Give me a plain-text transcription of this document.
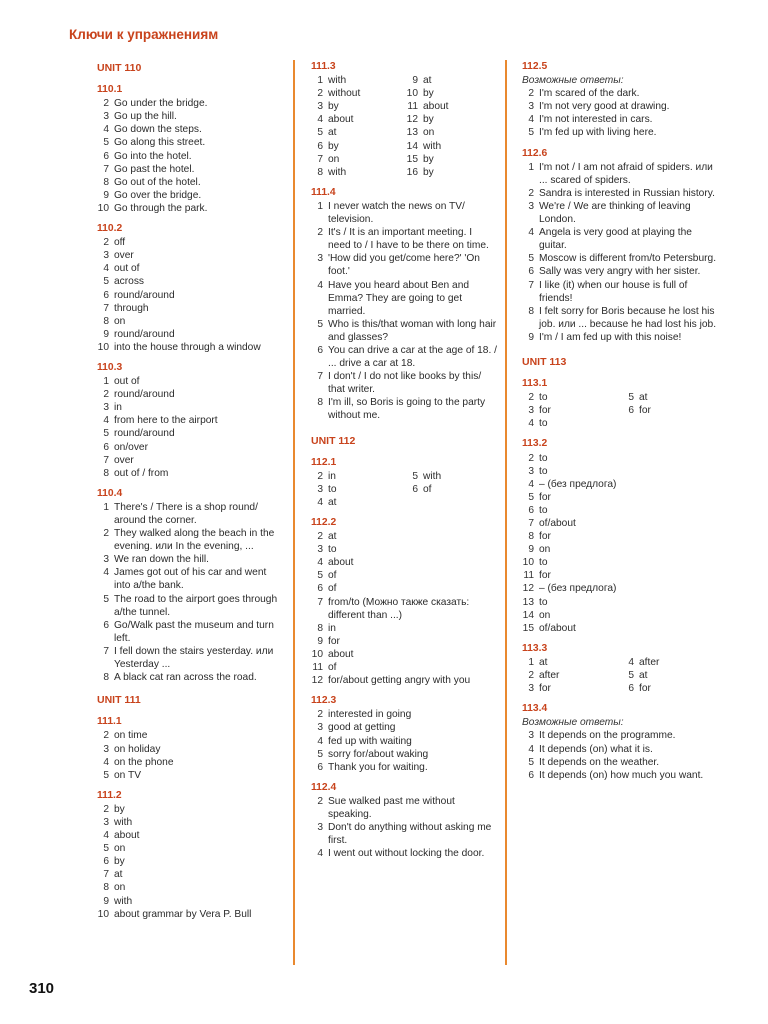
Ключи к упражнениям
UNIT 110
110.1
2 Go under the bridge.
3 Go up the hill.
4 Go down the steps.
5 Go along this street.
6 Go into the hotel.
7 Go past the hotel.
8 Go out of the hotel.
9 Go over the bridge.
10 Go through the park.
110.2
2 off
3 over
4 out of
5 across
6 round/around
7 through
8 on
9 round/around
10 into the house through a window
110.3
1 out of
2 round/around
3 in
4 from here to the airport
5 round/around
6 on/over
7 over
8 out of / from
110.4
1 There's / There is a shop round/ around the corner.
2 They walked along the beach in the evening. или In the evening, ...
3 We ran down the hill.
4 James got out of his car and went into a/the bank.
5 The road to the airport goes through a/the tunnel.
6 Go/Walk past the museum and turn left.
7 I fell down the stairs yesterday. или Yesterday ...
8 A black cat ran across the road.
UNIT 111
111.1
2 on time
3 on holiday
4 on the phone
5 on TV
111.2
2 by
3 with
4 about
5 on
6 by
7 at
8 on
9 with
10 about grammar by Vera P. Bull
111.3
1 with
2 without
3 by
4 about
5 at
6 by
7 on
8 with
9 at
10 by
11 about
12 by
13 on
14 with
15 by
16 by
111.4
1 I never watch the news on TV/ television.
2 It's / It is an important meeting. I need to / I have to be there on time.
3 'How did you get/come here?' 'On foot.'
4 Have you heard about Ben and Emma? They are going to get married.
5 Who is this/that woman with long hair and glasses?
6 You can drive a car at the age of 18. / ... drive a car at 18.
7 I don't / I do not like books by this/ that writer.
8 I'm ill, so Boris is going to the party without me.
UNIT 112
112.1
2 in
3 to
4 at
5 with
6 of
112.2
2 at
3 to
4 about
5 of
6 of
7 from/to (Можно также сказать: different than ...)
8 in
9 for
10 about
11 of
12 for/about getting angry with you
112.3
2 interested in going
3 good at getting
4 fed up with waiting
5 sorry for/about waking
6 Thank you for waiting.
112.4
2 Sue walked past me without speaking.
3 Don't do anything without asking me first.
4 I went out without locking the door.
112.5
Возможные ответы:
2 I'm scared of the dark.
3 I'm not very good at drawing.
4 I'm not interested in cars.
5 I'm fed up with living here.
112.6
1 I'm not / I am not afraid of spiders. или ... scared of spiders.
2 Sandra is interested in Russian history.
3 We're / We are thinking of leaving London.
4 Angela is very good at playing the guitar.
5 Moscow is different from/to Petersburg.
6 Sally was very angry with her sister.
7 I like (it) when our house is full of friends!
8 I felt sorry for Boris because he lost his job. или ... because he had lost his job.
9 I'm / I am fed up with this noise!
UNIT 113
113.1
2 to
3 for
4 to
5 at
6 for
113.2
2 to
3 to
4 – (без предлога)
5 for
6 to
7 of/about
8 for
9 on
10 to
11 for
12 – (без предлога)
13 to
14 on
15 of/about
113.3
1 at
2 after
3 for
4 after
5 at
6 for
113.4
Возможные ответы:
3 It depends on the programme.
4 It depends (on) what it is.
5 It depends on the weather.
6 It depends (on) how much you want.
310
